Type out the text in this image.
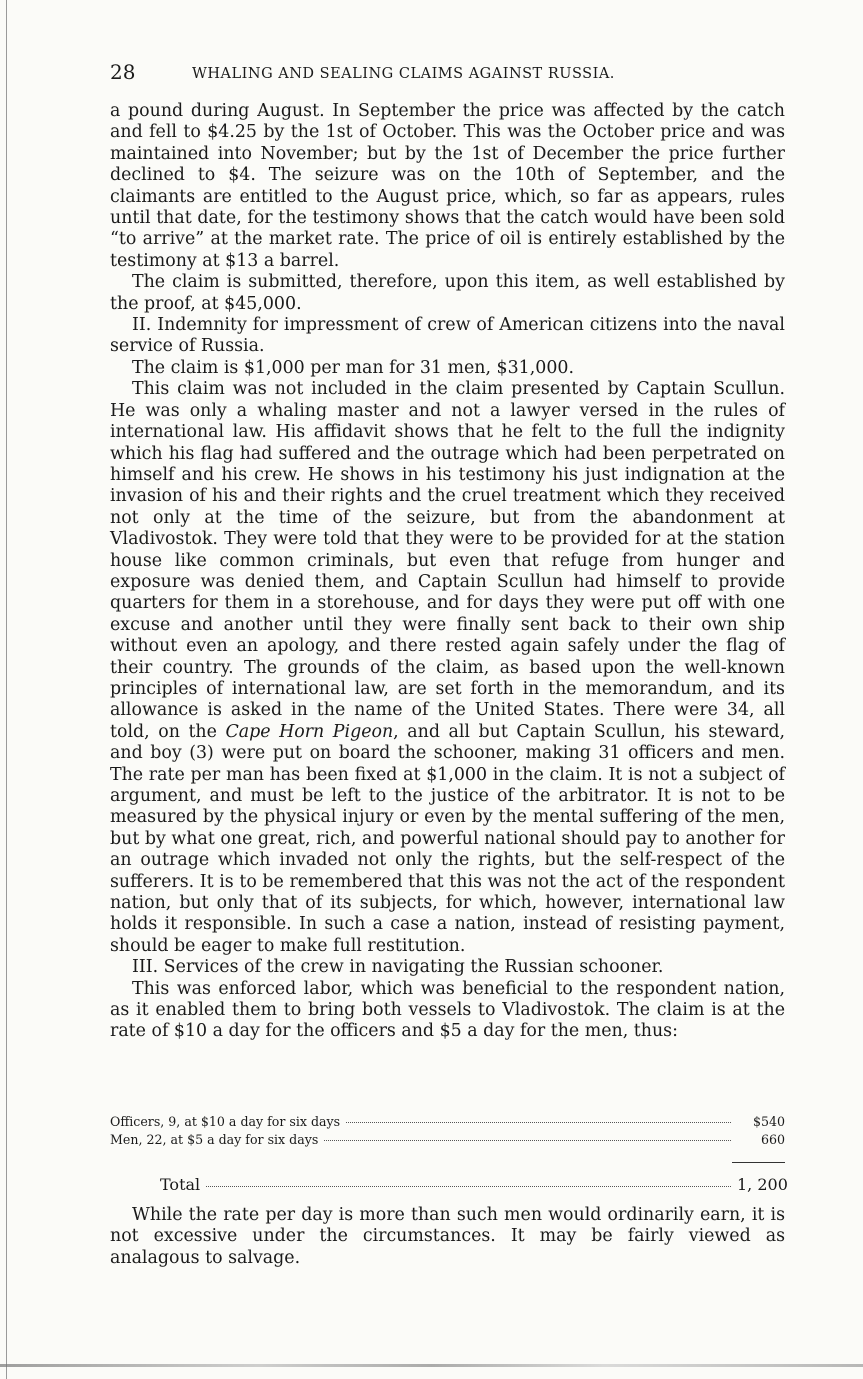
28	WHALING AND SEALING CLAIMS AGAINST RUSSIA.

a pound during August. In September the price was affected by the catch and fell to $4.25 by the 1st of October. This was the October price and was maintained into November; but by the 1st of December the price further declined to $4. The seizure was on the 10th of September, and the claimants are entitled to the August price, which, so far as appears, rules until that date, for the testimony shows that the catch would have been sold “to arrive” at the market rate. The price of oil is entirely established by the testimony at $13 a barrel.

The claim is submitted, therefore, upon this item, as well established by the proof, at $45,000.

II. Indemnity for impressment of crew of American citizens into the naval service of Russia.

The claim is $1,000 per man for 31 men, $31,000.

This claim was not included in the claim presented by Captain Scullun. He was only a whaling master and not a lawyer versed in the rules of international law. His affidavit shows that he felt to the full the indignity which his flag had suffered and the outrage which had been perpetrated on himself and his crew. He shows in his testimony his just indignation at the invasion of his and their rights and the cruel treatment which they received not only at the time of the seizure, but from the abandonment at Vladivostok. They were told that they were to be provided for at the station house like common criminals, but even that refuge from hunger and exposure was denied them, and Captain Scullun had himself to provide quarters for them in a storehouse, and for days they were put off with one excuse and another until they were finally sent back to their own ship without even an apology, and there rested again safely under the flag of their country. The grounds of the claim, as based upon the well-known principles of international law, are set forth in the memorandum, and its allowance is asked in the name of the United States. There were 34, all told, on the Cape Horn Pigeon, and all but Captain Scullun, his steward, and boy (3) were put on board the schooner, making 31 officers and men. The rate per man has been fixed at $1,000 in the claim. It is not a subject of argument, and must be left to the justice of the arbitrator. It is not to be measured by the physical injury or even by the mental suffering of the men, but by what one great, rich, and powerful national should pay to another for an outrage which invaded not only the rights, but the self-respect of the sufferers. It is to be remembered that this was not the act of the respondent nation, but only that of its subjects, for which, however, international law holds it responsible. In such a case a nation, instead of resisting payment, should be eager to make full restitution.

III. Services of the crew in navigating the Russian schooner.

This was enforced labor, which was beneficial to the respondent nation, as it enabled them to bring both vessels to Vladivostok. The claim is at the rate of $10 a day for the officers and $5 a day for the men, thus:

Officers, 9, at $10 a day for six days	$540
Men, 22, at $5 a day for six days	660
Total	1, 200

While the rate per day is more than such men would ordinarily earn, it is not excessive under the circumstances. It may be fairly viewed as analagous to salvage.
